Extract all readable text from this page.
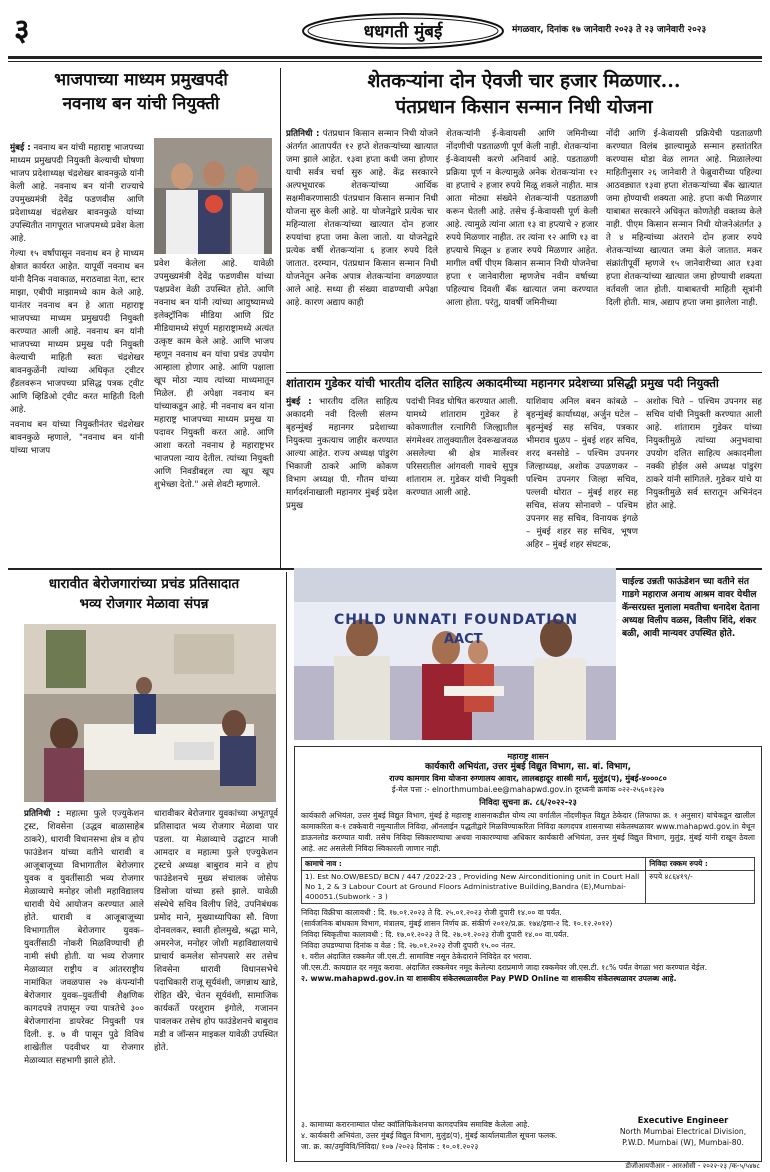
३	धधगती मुंबई	मंगळवार, दिनांक १७ जानेवारी २०२३ ते २३ जानेवारी २०२३
भाजपाच्या माध्यम प्रमुखपदी
नवनाथ बन यांची नियुक्ती

मुंबई : नवनाथ बन यांची महाराष्ट्र भाजपच्या माध्यम प्रमुखपदी नियुक्ती केल्याची घोषणा भाजप प्रदेशाध्यक्ष चंद्रशेखर बावनकुळे यांनी केली आहे. नवनाथ बन यांनी राज्याचे उपमुख्यमंत्री देवेंद्र फडणवीस आणि प्रदेशाध्यक्ष चंद्रशेखर बावनकुळे यांच्या उपस्थितीत नागपूरात भाजपमध्ये प्रवेश केला आहे.

गेल्या १५ वर्षांपासून नवनाथ बन हे माध्यम क्षेत्रात कार्यरत आहेत. यापूर्वी नवनाथ बन यांनी दैनिक नवाकाळ, मराठवाडा नेता, स्टार माझा, एबीपी माझामध्ये काम केले आहे. यानंतर नवनाथ बन हे आता महाराष्ट्र भाजपच्या माध्यम प्रमुखपदी नियुक्ती करण्यात आली आहे. नवनाथ बन यांनी भाजपच्या माध्यम प्रमुख पदी नियुक्ती केल्याची माहिती स्वतः चंद्रशेखर बावनकुळेंनी त्यांच्या अधिकृत ट्वीटर हँडलवरून भाजपच्या प्रसिद्ध पत्रक ट्वीट आणि व्हिडिओ ट्वीट करत माहिती दिली आहे.

नवनाथ बन यांच्या नियुक्तीनंतर चंद्रशेखर बावनकुळे म्हणाले, "नवनाथ बन यांनी यांच्या भाजप

प्रवेश केलेला आहे. यावेळी उपमुख्यमंत्री देवेंद्र फडणवीस यांच्या पक्षप्रवेश वेळी उपस्थित होते. आणि नवनाथ बन यांनी त्यांच्या आयुष्यामध्ये इलेक्ट्रॉनिक मीडिया आणि प्रिंट मीडियामध्ये संपूर्ण महाराष्ट्रामध्ये अत्यंत उत्कृष्ट काम केले आहे. आणि भाजप म्हणून नवनाथ बन यांचा प्रचंड उपयोग आम्हाला होणार आहे. आणि पक्षाला खूप मोठा न्याय त्यांच्या माध्यमातून मिळेल. ही अपेक्षा नवनाथ बन यांच्याकडून आहे. मी नवनाथ बन यांना महाराष्ट्र भाजपच्या माध्यम प्रमुख या पदावर नियुक्ती करत आहे. आणि आशा करतो नवनाथ हे महाराष्ट्रभर भाजपला न्याय देतील. त्यांच्या नियुक्ती आणि निवडीबद्दल त्या खूप खूप शुभेच्छा देतो." असे शेवटी म्हणाले.

शेतकऱ्यांना दोन ऐवजी चार हजार मिळणार...
पंतप्रधान किसान सन्मान निधी योजना

प्रतिनिधी : पंतप्रधान किसान सन्मान निधी योजने अंतर्गत आतापर्यंत १२ हप्ते शेतकऱ्यांच्या खात्यात जमा झाले आहेत. १३वा हप्ता कधी जमा होणार याची सर्वत्र चर्चा सुरु आहे. केंद्र सरकारने अल्पभूधारक शेतकऱ्यांच्या आर्थिक सक्षमीकरणासाठी पंतप्रधान किसान सन्मान निधी योजना सुरु केली आहे. या योजनेद्वारे प्रत्येक चार महिन्याला शेतकऱ्यांच्या खात्यात दोन हजार रुपयांचा हप्ता जमा केला जातो. या योजनेद्वारे प्रत्येक वर्षी शेतकऱ्यांना ६ हजार रुपये दिले जातात. दरम्यान, पंतप्रधान किसान सन्मान निधी योजनेतून अनेक अपात्र शेतकऱ्यांना वगळण्यात आले आहे. सध्या ही संख्या वाढण्याची अपेक्षा आहे. कारण अद्याप काही

शेतकऱ्यांनी ई-केवायसी आणि जमिनीच्या नोंदणीची पडताळणी पूर्ण केली नाही. शेतकऱ्यांना ई-केवायसी करणे अनिवार्य आहे. पडताळणी प्रक्रिया पूर्ण न केल्यामुळे अनेक शेतकऱ्यांना १२ वा हप्ताचे २ हजार रुपये मिळू शकले नाहीत. मात्र आता मोठ्या संख्येने शेतकऱ्यांनी पडताळणी करून घेतली आहे. तसेच ई-केवायसी पूर्ण केली आहे. त्यामुळे त्यांना आता १३ वा हप्त्याचे २ हजार रुपये मिळणार नाहीत. तर त्यांना १२ आणि १३ वा हप्त्याचे मिळून ४ हजार रुपये मिळणार आहेत. मागील वर्षी पीएम किसान सन्मान निधी योजनेचा हप्ता १ जानेवारीला म्हणजेच नवीन वर्षाच्या पहिल्याच दिवशी बँक खात्यात जमा करण्यात आला होता. परंतु, यावर्षी जमिनीच्या

नोंदी आणि ई-केवायसी प्रक्रियेची पडताळणी करण्यात विलंब झाल्यामुळे सन्मान हस्तांतरित करण्यास थोडा वेळ लागत आहे. मिळालेल्या माहितीनुसार २६ जानेवारी ते फेब्रुवारीच्या पहिल्या आठवड्यात १३वा हप्ता शेतकऱ्यांच्या बँक खात्यात जमा होण्याची शक्यता आहे. हप्ता कधी मिळणार याबाबत सरकारने अधिकृत कोणतेही वक्तव्य केले नाही. पीएम किसान सन्मान निधी योजनेअंतर्गत ३ ते ४ महिन्यांच्या अंतराने दोन हजार रुपये शेतकऱ्यांच्या खात्यात जमा केले जातात. मकर संक्रांतीपूर्वी म्हणजे १५ जानेवारीच्या आत १३वा हप्ता शेतकऱ्यांच्या खात्यात जमा होण्याची शक्यता वर्तवली जात होती. याबाबतची माहिती सूत्रांनी दिली होती. मात्र, अद्याप हप्ता जमा झालेला नाही.

शांताराम गुडेकर यांची भारतीय दलित साहित्य अकादमीच्या महानगर प्रदेशच्या प्रसिद्धी प्रमुख पदी नियुक्ती

मुंबई : भारतीय दलित साहित्य अकादमी नवी दिल्ली संलग्न बृहन्मुंबई महानगर प्रदेशाच्या नियुक्त्या नुकत्याच जाहीर करण्यात आल्या आहेत. राज्य अध्यक्ष पांडुरंग भिकाजी ठाकरे आणि कोकण विभाग अध्यक्ष पी. गौतम यांच्या मार्गदर्शनाखाली महानगर मुंबई प्रदेश प्रमुख

पदांची निवड घोषित करण्यात आली. यामध्ये शांताराम गुडेकर हे कोकणातील रत्नागिरी जिल्ह्यातील संगमेश्वर तालुक्यातील देवरूखजवळ असलेल्या श्री क्षेत्र मार्लेश्वर परिसरातील आंगवली गावचे सुपुत्र शांताराम ल. गुडेकर यांची नियुक्ती करण्यात आली आहे.

याशिवाय अनिल बबन कांबळे – बृहन्मुंबई कार्याध्यक्ष, अर्जुन घटेल – बृहन्मुंबई सह सचिव, पत्रकार भीमराव धुळप – मुंबई शहर सचिव, शरद बनसोडे – पश्चिम उपनगर जिल्हाध्यक्ष, अशोक उपळणकर – पश्चिम उपनगर जिल्हा सचिव, पल्लवी थोरात – मुंबई शहर सह सचिव, संजय सोनावणे – पश्चिम उपनगर सह सचिव, विनायक इंगळे – मुंबई शहर सह सचिव, भूषण अहिर – मुंबई शहर संघटक,

अशोक चिते – पश्चिम उपनगर सह सचिव यांची नियुक्ती करण्यात आली आहे. शांताराम गुडेकर यांच्या नियुक्तीमुळे त्यांच्या अनुभवाचा उपयोग दलित साहित्य अकादमीला नक्की होईल असे अध्यक्ष पांडुरंग ठाकरे यांनी सांगितले. गुडेकर यांचे या नियुक्तीमुळे सर्व स्तरातून अभिनंदन होत आहे.

धारावीत बेरोजगारांच्या प्रचंड प्रतिसादात
भव्य रोजगार मेळावा संपन्न

प्रतिनिधी : महात्मा फुले एज्युकेशन ट्रस्ट, शिवसेना (उद्धव बाळासाहेब ठाकरे), धारावी विधानसभा क्षेत्र व होप फाउंडेशन यांच्या वतीने धारावी व आजूबाजूच्या विभागातील बेरोजगार युवक व युवतींसाठी भव्य रोजगार मेळाव्याचे मनोहर जोशी महाविद्यालय धारावी येथे आयोजन करण्यात आले होते. धारावी व आजूबाजूच्या विभागातील बेरोजगार युवक–युवतींसाठी नोकरी मिळविण्याची ही नामी संधी होती. या भव्य रोजगार मेळाव्यात राष्ट्रीय व आंतरराष्ट्रीय नामांकित जवळपास २७ कंपन्यांनी बेरोजगार युवक–युवतींची शैक्षणिक कागदपत्रे तपासून ज्या पात्रतेचे ३०० बेरोजगारांना डायरेक्ट नियुक्ती पत्र दिली. इ. ७ वी पासून पुढे विविध शाखेतील पदवीधर या रोजगार मेळाव्यात सहभागी झाले होते.

धारावीकर बेरोजगार युवकांच्या अभूतपूर्व प्रतिसादात भव्य रोजगार मेळावा पार पडला. या मेळाव्याचे उद्घाटन माजी आमदार व महात्मा फुले एज्युकेशन ट्रस्टचे अध्यक्ष बाबुराव माने व होप फाउंडेशनचे मुख्य संचालक जोसेफ डिसोजा यांच्या हस्ते झाले. यावेळी संस्थेचे सचिव विलीप शिंदे, उपनिबंधक प्रमोद माने, मुख्याध्यापिका सौ. विणा दोनवलकर, स्वाती होलमुखे, श्रद्धा माने, अमरनेज, मनोहर जोशी महाविद्यालयाचे प्राचार्य कमलेश सोनपसारे सर तसेच शिवसेना धारावी विधानसभेचे पदाधिकारी राजू सूर्यवंशी, जगन्नाथ खाडे, रोहित खैरे, चेतन सूर्यवंशी, सामाजिक कार्यकर्ते परशुराम इंगोले, गजानन पावलकर तसेच होप फाउंडेशनचे बाबुराव मडी व जॉन्सन माइकल यावेळी उपस्थित होते.

CHILD UNNATI FOUNDATION
AACT
चाईल्ड उन्नती फाऊंडेशन च्या वतीने संत गाडगे महाराज अनाथ आश्रम वावर येथील कॅन्सरग्रस्त मुलाला मवतीचा धनादेश देताना अध्यक्ष विलीप वळस, विलीप शिंदे, शंकर बळी, आवी मान्यवर उपस्थित होते.
महाराष्ट्र शासन
कार्यकारी अभियंता, उत्तर मुंबई विद्युत विभाग, सा. बां. विभाग,
राज्य कामगार विमा योजना रुग्णालय आवार, लालबहादूर शास्त्री मार्ग, मुलुंड(प), मुंबई-४०००८०
ई-मेल पत्ता :- elnorthmumbai.ee@mahapwd.gov.in दूरध्वनी क्रमांक ०२२-२५६०१३२७
निविदा सुचना क्र. ८६/२०२२-२३
कार्यकारी अभियंता, उत्तर मुंबई विद्युत विभाग, मुंबई हे महाराष्ट्र शासनाकडील योग्य त्या वर्गातील नोंदणीकृत विद्युत ठेकेदार (लिफाफा क्र. १ अनुसार) यांचेकडून खालील कामाकरिता ब-१ टक्केवारी नमुन्यातील निविदा, ऑनलाईन पद्धतीद्वारे मिळविण्याकरिता निविदा कागदपत्र शासनाच्या संकेतस्थळावर www.mahapwd.gov.in येथून डाऊनलोड करण्यात यावी. तसेच निविदा स्विकारण्याचा अथवा नाकारण्याचा अधिकार कार्यकारी अभियंता, उत्तर मुंबई विद्युत विभाग, मुलुंड, मुंबई यांनी राखून ठेवला आहे. अट असलेली निविदा स्विकारली जाणार नाही.
कामाचे नाव :	निविदा रक्कम रुपये :
1). Est No.OW/BESD/ BCN / 447 /2022-23 , Providing New Airconditioning unit in Court Hall No 1, 2 & 3 Labour Court at Ground Floors Administrative Building,Bandra (E),Mumbai-400051.(Subwork - 3 )	रुपये ४८६४१९/-
निविदा विक्रीचा कालावधी : दि. १७.०१.२०२३ ते दि. २५.०१.२०२३ रोजी दुपारी १४.०० वा पर्यंत.
(सार्वजनिक बांधकाम विभाग, मंत्रालय, मुंबई शासन निर्णय क्र. संकीर्ण २०१२/प्र.क्र. १७४/इमा-२ दि. १०.१२.२०१२)
निविदा स्विकृतीचा कालावधी : दि. १७.०१.२०२३ ते दि. २७.०१.२०२३ रोजी दुपारी १४.०० वा.पर्यंत.
निविदा उघडण्याचा दिनांक व वेळ : दि. २७.०१.२०२३ रोजी दुपारी १५.०० नंतर.
१. वरील अंदाजित रक्कमेत जी.एस.टी. सामाविष्ट नसून ठेकेदाराने निविदेत दर भरावा.
जी.एस.टी. कायद्यात दर नमूद करावा. अंदाजित रक्कमेवर नमूद केलेल्या दराप्रमाणे जादा रक्कमेवर जी.एस.टी. १८% पर्यंत वेगळा भरा करण्यात येईल.
२. www.mahapwd.gov.in या शासकीय संकेतस्थळावरील Pay PWD Online या शासकीय संकेतस्थळावर उपलब्ध आहे.
३. कामाच्या करारनाम्यात पोस्ट क्वॉलिफिकेशनचा कागदपत्रिय समाविष्ट केलेला आहे.
४. कार्यकारी अभियंता, उत्तर मुंबई विद्युत विभाग, मुलुंड(प), मुंबई कार्यालयातील सूचना फलक.
जा. क्र. का/उमुविवि/निविदा/ १०७ /२०२३ दिनांक : १०.०१.२०२३
Executive Engineer
North Mumbai Electrical Division,
P.W.D. Mumbai (W), Mumbai-80.
डीजीआयपीआर - आरओसी - २०२२-२३ /क-५/५४७८
